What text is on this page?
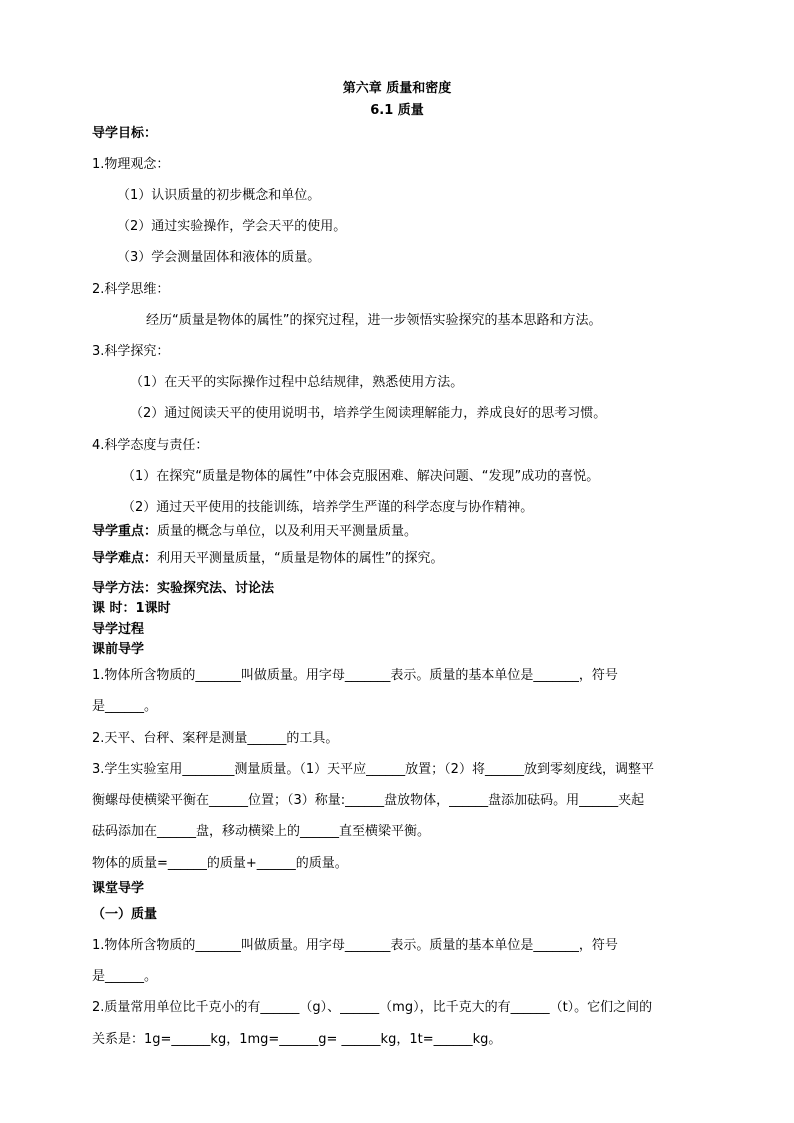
第六章 质量和密度
6.1 质量
导学目标：
1.物理观念：
（1）认识质量的初步概念和单位。
（2）通过实验操作，学会天平的使用。
（3）学会测量固体和液体的质量。
2.科学思维：
经历“质量是物体的属性”的探究过程，进一步领悟实验探究的基本思路和方法。
3.科学探究：
（1）在天平的实际操作过程中总结规律，熟悉使用方法。
（2）通过阅读天平的使用说明书，培养学生阅读理解能力，养成良好的思考习惯。
4.科学态度与责任：
（1）在探究“质量是物体的属性”中体会克服困难、解决问题、“发现”成功的喜悦。
（2）通过天平使用的技能训练，培养学生严谨的科学态度与协作精神。
导学重点：质量的概念与单位，以及利用天平测量质量。
导学难点：利用天平测量质量，“质量是物体的属性”的探究。
导学方法：实验探究法、讨论法
课 时：1课时
导学过程
课前导学
1.物体所含物质的_______叫做质量。用字母_______表示。质量的基本单位是_______，符号
是______。
2.天平、台秤、案秤是测量______的工具。
3.学生实验室用________测量质量。（1）天平应______放置；（2）将______放到零刻度线，调整平
衡螺母使横梁平衡在______位置；（3）称量:______盘放物体，______盘添加砝码。用______夹起
砝码添加在______盘，移动横梁上的______直至横梁平衡。
物体的质量=______的质量+______的质量。
课堂导学
（一）质量
1.物体所含物质的_______叫做质量。用字母_______表示。质量的基本单位是_______，符号
是______。
2.质量常用单位比千克小的有______（g）、______（mg），比千克大的有______（t）。它们之间的
关系是：1g=______kg，1mg=______g= ______kg，1t=______kg。
